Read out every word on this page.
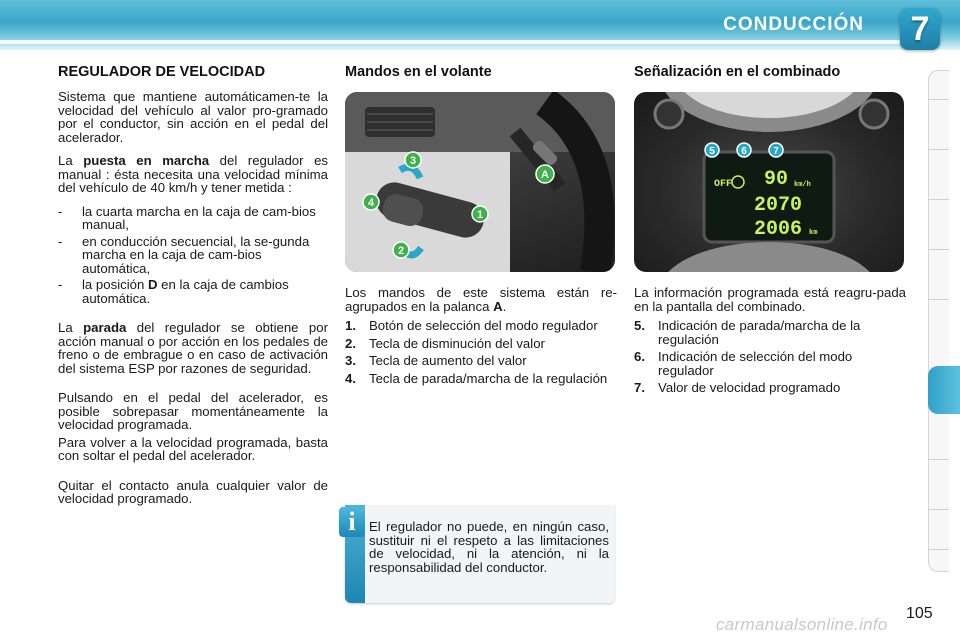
CONDUCCIÓN	7
REGULADOR DE VELOCIDAD

Sistema que mantiene automáticamen-te la velocidad del vehículo al valor pro-gramado por el conductor, sin acción en el pedal del acelerador.

La puesta en marcha del regulador es manual : ésta necesita una velocidad mínima del vehículo de 40 km/h y tener metida :

- la cuarta marcha en la caja de cam-bios manual,
- en conducción secuencial, la se-gunda marcha en la caja de cam-bios automática,
- la posición D en la caja de cambios automática.

La parada del regulador se obtiene por acción manual o por acción en los pedales de freno o de embrague o en caso de activación del sistema ESP por razones de seguridad.

Pulsando en el pedal del acelerador, es posible sobrepasar momentáneamente la velocidad programada.

Para volver a la velocidad programada, basta con soltar el pedal del acelerador.

Quitar el contacto anula cualquier valor de velocidad programado.

Mandos en el volante
A
3
4
1
2

Los mandos de este sistema están re-agrupados en la palanca A.

1. Botón de selección del modo regulador
2. Tecla de disminución del valor
3. Tecla de aumento del valor
4. Tecla de parada/marcha de la regulación
i	El regulador no puede, en ningún caso, sustituir ni el respeto a las limitaciones de velocidad, ni la atención, ni la responsabilidad del conductor.
Señalización en el combinado
OFF 90 km/h
2070
2006 km
5	6	7

La información programada está reagru-pada en la pantalla del combinado.

5. Indicación de parada/marcha de la regulación
6. Indicación de selección del modo regulador
7. Valor de velocidad programado
105
carmanualsonline.info
